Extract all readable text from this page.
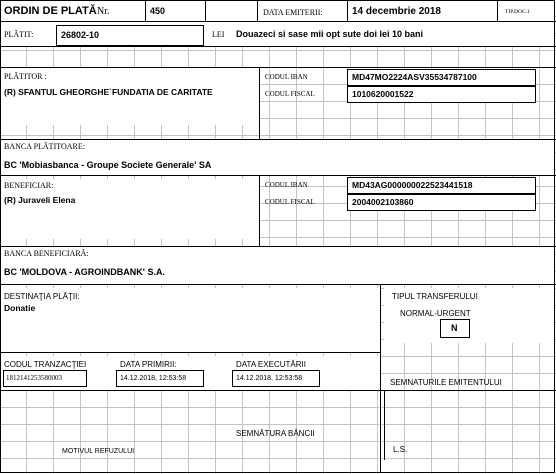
ORDIN DE PLATĂ Nr.	450	DATA EMITERII:	14 decembrie 2018	TIP.DOC.1
PLĂTIT:	26802-10	LEI Douazeci si sase mii opt sute doi lei 10 bani
PLĂTITOR :
(R) SFANTUL GHEORGHE`FUNDATIA DE CARITATE
CODUL IBAN	MD47MO2224ASV35534787100
CODUL FISCAL	1010620001522
BANCA PLĂTITOARE:
BC 'Mobiasbanca - Groupe Societe Generale' SA
BENEFICIAR:
(R) Juraveli Elena
CODUL IBAN	MD43AG000000022523441518
CODUL FISCAL	2004002103860
BANCA BENEFICIARĂ:
BC 'MOLDOVA - AGROINDBANK' S.A.
DESTINAŢIA PLĂŢII:
Donatie
TIPUL TRANSFERULUI
NORMAL-URGENT
N
CODUL TRANZACŢIEI
1812141253580003
DATA PRIMIRII:
14.12.2018, 12:53:58
DATA EXECUTĂRII
14.12.2018, 12:53:58	SEMNATURILE EMITENTULUI
SEMNĂTURA BĂNCII
MOTIVUL REFUZULUI	L.S.
